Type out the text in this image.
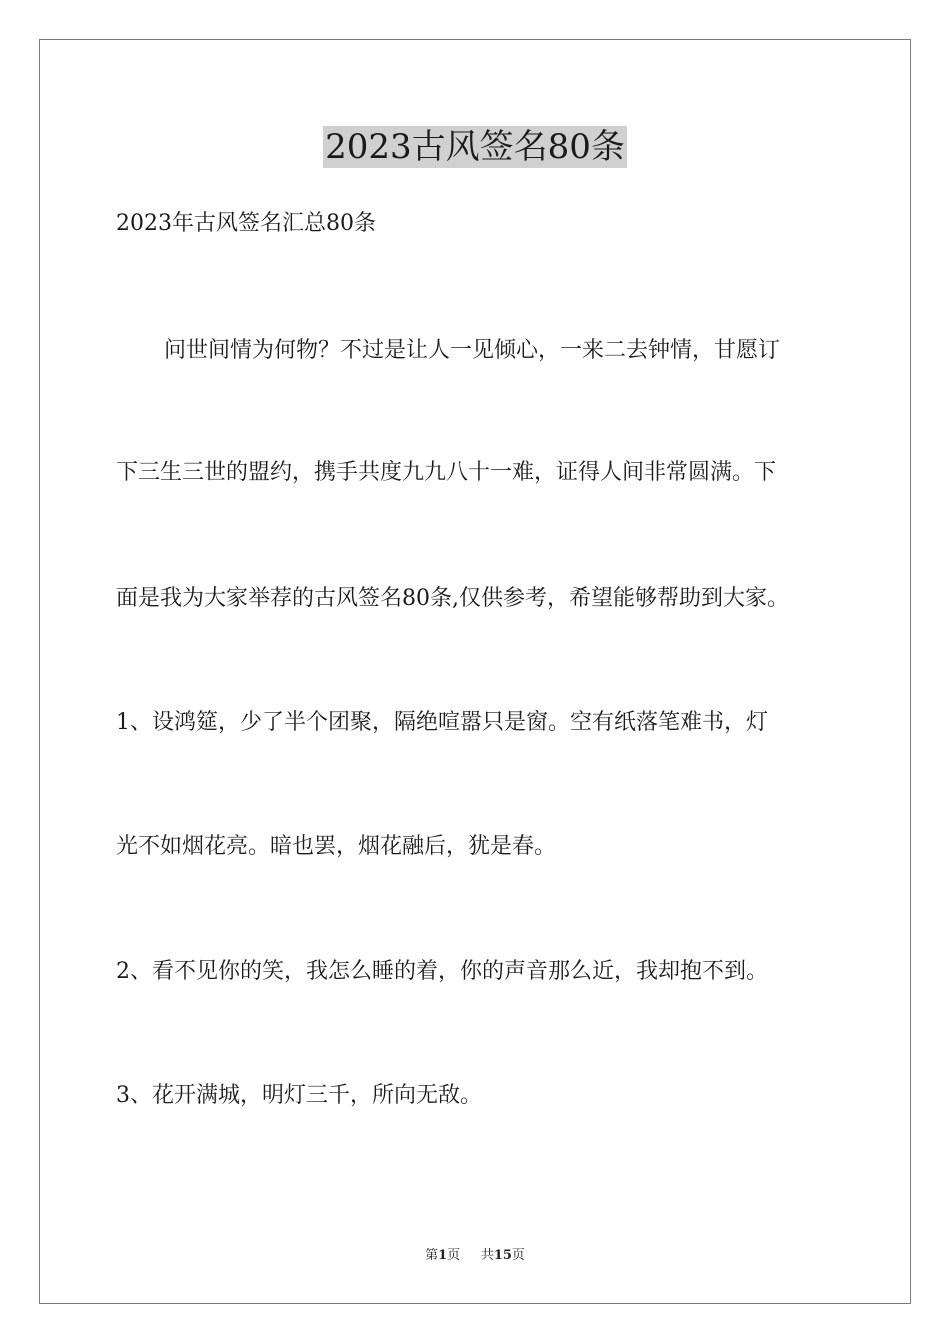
2023古风签名80条
2023年古风签名汇总80条
问世间情为何物？不过是让人一见倾心，一来二去钟情，甘愿订
下三生三世的盟约，携手共度九九八十一难，证得人间非常圆满。下
面是我为大家举荐的古风签名80条,仅供参考，希望能够帮助到大家。
1、设鸿筵，少了半个团聚，隔绝喧嚣只是窗。空有纸落笔难书，灯
光不如烟花亮。暗也罢，烟花融后，犹是春。
2、看不见你的笑，我怎么睡的着，你的声音那么近，我却抱不到。
3、花开满城，明灯三千，所向无敌。
第1页 共15页
